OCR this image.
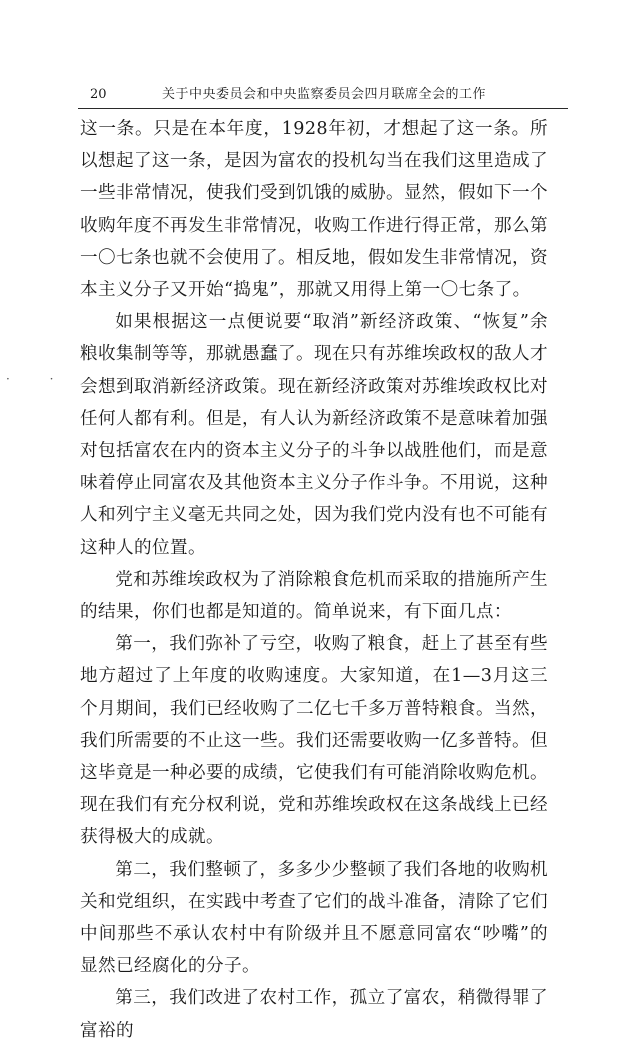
20	关于中央委员会和中央监察委员会四月联席全会的工作
· ·

这一条。只是在本年度，1928年初，才想起了这一条。所以想起了这一条，是因为富农的投机勾当在我们这里造成了一些非常情况，使我们受到饥饿的威胁。显然，假如下一个收购年度不再发生非常情况，收购工作进行得正常，那么第一〇七条也就不会使用了。相反地，假如发生非常情况，资本主义分子又开始“捣鬼”，那就又用得上第一〇七条了。

如果根据这一点便说要“取消”新经济政策、“恢复”余粮收集制等等，那就愚蠢了。现在只有苏维埃政权的敌人才会想到取消新经济政策。现在新经济政策对苏维埃政权比对任何人都有利。但是，有人认为新经济政策不是意味着加强对包括富农在内的资本主义分子的斗争以战胜他们，而是意味着停止同富农及其他资本主义分子作斗争。不用说，这种人和列宁主义毫无共同之处，因为我们党内没有也不可能有这种人的位置。

党和苏维埃政权为了消除粮食危机而采取的措施所产生的结果，你们也都是知道的。简单说来，有下面几点：

第一，我们弥补了亏空，收购了粮食，赶上了甚至有些地方超过了上年度的收购速度。大家知道，在1—3月这三个月期间，我们已经收购了二亿七千多万普特粮食。当然，我们所需要的不止这一些。我们还需要收购一亿多普特。但这毕竟是一种必要的成绩，它使我们有可能消除收购危机。现在我们有充分权利说，党和苏维埃政权在这条战线上已经获得极大的成就。

第二，我们整顿了，多多少少整顿了我们各地的收购机关和党组织，在实践中考查了它们的战斗准备，清除了它们中间那些不承认农村中有阶级并且不愿意同富农“吵嘴”的显然已经腐化的分子。

第三，我们改进了农村工作，孤立了富农，稍微得罪了富裕的
